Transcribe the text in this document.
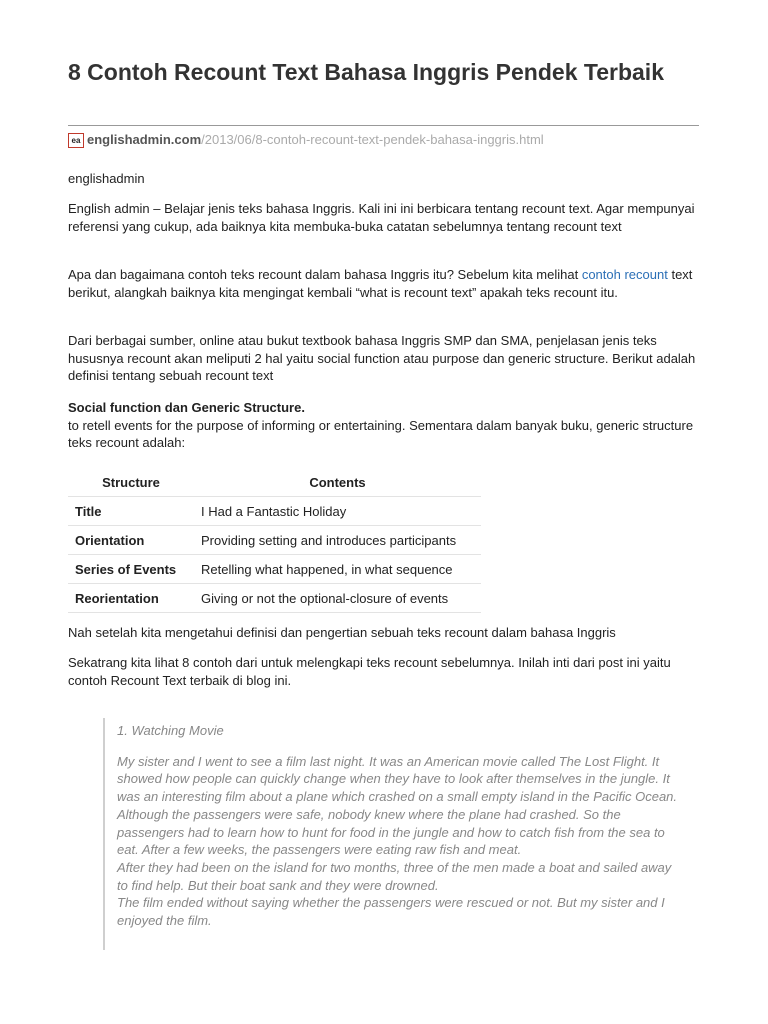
8 Contoh Recount Text Bahasa Inggris Pendek Terbaik
ea englishadmin.com/2013/06/8-contoh-recount-text-pendek-bahasa-inggris.html

englishadmin

English admin – Belajar jenis teks bahasa Inggris. Kali ini ini berbicara tentang recount text. Agar mempunyai referensi yang cukup, ada baiknya kita membuka-buka catatan sebelumnya tentang recount text

Apa dan bagaimana contoh teks recount dalam bahasa Inggris itu? Sebelum kita melihat contoh recount text berikut, alangkah baiknya kita mengingat kembali “what is recount text” apakah teks recount itu.

Dari berbagai sumber, online atau bukut textbook bahasa Inggris SMP dan SMA, penjelasan jenis teks hususnya recount akan meliputi 2 hal yaitu social function atau purpose dan generic structure. Berikut adalah definisi tentang sebuah recount text

Social function dan Generic Structure.
to retell events for the purpose of informing or entertaining. Sementara dalam banyak buku, generic structure teks recount adalah:

Structure	Contents
Title	I Had a Fantastic Holiday
Orientation	Providing setting and introduces participants
Series of Events	Retelling what happened, in what sequence
Reorientation	Giving or not the optional-closure of events

Nah setelah kita mengetahui definisi dan pengertian sebuah teks recount dalam bahasa Inggris

Sekatrang kita lihat 8 contoh dari untuk melengkapi teks recount sebelumnya. Inilah inti dari post ini yaitu contoh Recount Text terbaik di blog ini.

1. Watching Movie

My sister and I went to see a film last night. It was an American movie called The Lost Flight. It showed how people can quickly change when they have to look after themselves in the jungle. It was an interesting film about a plane which crashed on a small empty island in the Pacific Ocean.
Although the passengers were safe, nobody knew where the plane had crashed. So the passengers had to learn how to hunt for food in the jungle and how to catch fish from the sea to eat. After a few weeks, the passengers were eating raw fish and meat.
After they had been on the island for two months, three of the men made a boat and sailed away to find help. But their boat sank and they were drowned.
The film ended without saying whether the passengers were rescued or not. But my sister and I enjoyed the film.
